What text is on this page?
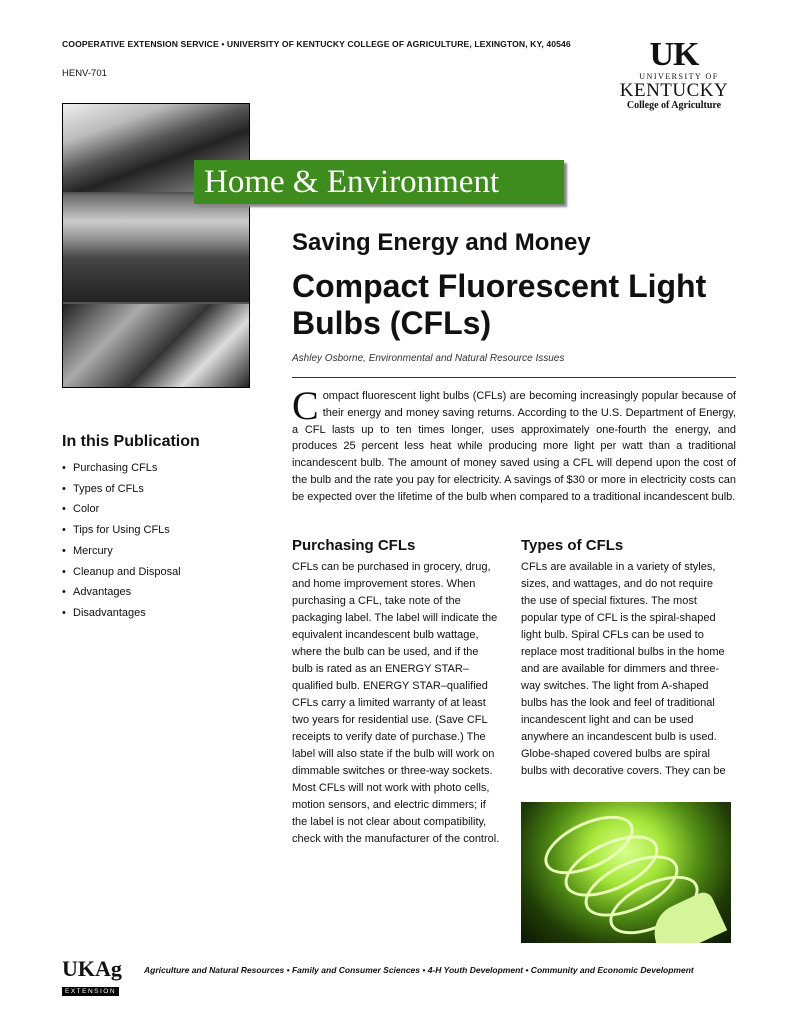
COOPERATIVE EXTENSION SERVICE • UNIVERSITY OF KENTUCKY COLLEGE OF AGRICULTURE, LEXINGTON, KY, 40546
HENV-701
UK
UNIVERSITY OF
KENTUCKY
College of Agriculture
Home & Environment
Saving Energy and Money
Compact Fluorescent Light Bulbs (CFLs)
Ashley Osborne, Environmental and Natural Resource Issues
Compact fluorescent light bulbs (CFLs) are becoming increasingly popular because of their energy and money saving returns. According to the U.S. Department of Energy, a CFL lasts up to ten times longer, uses approximately one-fourth the energy, and produces 25 percent less heat while producing more light per watt than a traditional incandescent bulb. The amount of money saved using a CFL will depend upon the cost of the bulb and the rate you pay for electricity. A savings of $30 or more in electricity costs can be expected over the lifetime of the bulb when compared to a traditional incandescent bulb.
In this Publication
• Purchasing CFLs
• Types of CFLs
• Color
• Tips for Using CFLs
• Mercury
• Cleanup and Disposal
• Advantages
• Disadvantages
Purchasing CFLs
CFLs can be purchased in grocery, drug, and home improvement stores. When purchasing a CFL, take note of the packaging label. The label will indicate the equivalent incandescent bulb wattage, where the bulb can be used, and if the bulb is rated as an ENERGY STAR–qualified bulb. ENERGY STAR–qualified CFLs carry a limited warranty of at least two years for residential use. (Save CFL receipts to verify date of purchase.) The label will also state if the bulb will work on dimmable switches or three-way sockets. Most CFLs will not work with photo cells, motion sensors, and electric dimmers; if the label is not clear about compatibility, check with the manufacturer of the control.
Types of CFLs
CFLs are available in a variety of styles, sizes, and wattages, and do not require the use of special fixtures. The most popular type of CFL is the spiral-shaped light bulb. Spiral CFLs can be used to replace most traditional bulbs in the home and are available for dimmers and three-way switches. The light from A-shaped bulbs has the look and feel of traditional incandescent light and can be used anywhere an incandescent bulb is used. Globe-shaped covered bulbs are spiral bulbs with decorative covers. They can be
UKAg
EXTENSION
Agriculture and Natural Resources • Family and Consumer Sciences • 4-H Youth Development • Community and Economic Development
